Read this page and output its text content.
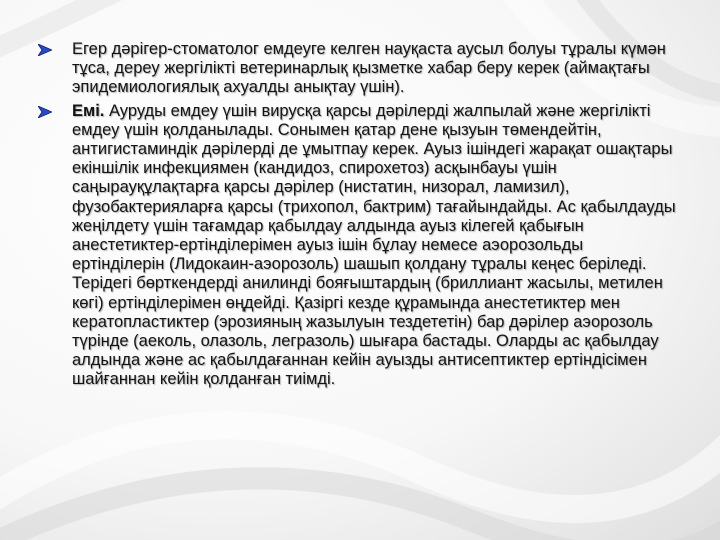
Егер дәрігер-стоматолог емдеуге келген науқаста аусыл болуы тұралы күмән тұса, дереу жергілікті ветеринарлық қызметке хабар беру керек (аймақтағы эпидемиологиялық ахуалды анықтау үшін).
Емі. Ауруды емдеу үшін вирусқа қарсы дәрілерді жалпылай және жергілікті емдеу үшін қолданылады. Сонымен қатар дене қызуын төмендейтін, антигистаминдік дәрілерді де ұмытпау керек. Ауыз ішіндегі жарақат ошақтары екіншілік инфекциямен (кандидоз, спирохетоз) асқынбауы үшін саңырауқұлақтарға қарсы дәрілер (нистатин, низорал, ламизил), фузобактерияларға қарсы (трихопол, бактрим) тағайындайды. Ас қабылдауды жеңілдету үшін тағамдар қабылдау алдында ауыз кілегей қабығын анестетиктер-ертінділерімен ауыз ішін бұлау немесе аэорозольды ертінділерін (Лидокаин-аэорозоль) шашып қолдану тұралы кеңес беріледі. Терідегі бөрткендерді анилинді бояғыштардың (бриллиант жасылы, метилен көгі) ертінділерімен өңдейді. Қазіргі кезде құрамында анестетиктер мен кератопластиктер (эрозияның жазылуын тездететін) бар дәрілер аэорозоль түрінде (аеколь, олазоль, легразоль) шығара бастады. Оларды ас қабылдау алдында және ас қабылдағаннан кейін ауызды антисептиктер ертіндісімен шайғаннан кейін қолданған тиімді.
